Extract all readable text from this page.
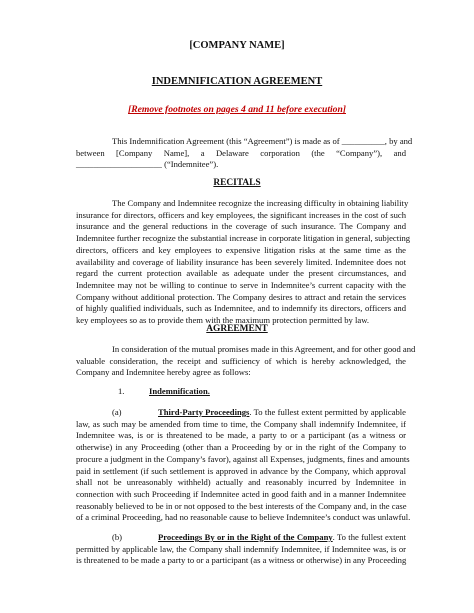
[COMPANY NAME]
INDEMNIFICATION AGREEMENT
[Remove footnotes on pages 4 and 11 before execution]
This Indemnification Agreement (this “Agreement”) is made as of __________, by and
between [Company Name], a Delaware corporation (the “Company”), and
____________________ (“Indemnitee”).
RECITALS
The Company and Indemnitee recognize the increasing difficulty in obtaining liability
insurance for directors, officers and key employees, the significant increases in the cost of such
insurance and the general reductions in the coverage of such insurance. The Company and
Indemnitee further recognize the substantial increase in corporate litigation in general, subjecting
directors, officers and key employees to expensive litigation risks at the same time as the
availability and coverage of liability insurance has been severely limited. Indemnitee does not
regard the current protection available as adequate under the present circumstances, and
Indemnitee may not be willing to continue to serve in Indemnitee’s current capacity with the
Company without additional protection. The Company desires to attract and retain the services
of highly qualified individuals, such as Indemnitee, and to indemnify its directors, officers and
key employees so as to provide them with the maximum protection permitted by law.
AGREEMENT
In consideration of the mutual promises made in this Agreement, and for other good and
valuable consideration, the receipt and sufficiency of which is hereby acknowledged, the
Company and Indemnitee hereby agree as follows:
1.	Indemnification.
(a)	Third-Party Proceedings. To the fullest extent permitted by applicable
law, as such may be amended from time to time, the Company shall indemnify Indemnitee, if
Indemnitee was, is or is threatened to be made, a party to or a participant (as a witness or
otherwise) in any Proceeding (other than a Proceeding by or in the right of the Company to
procure a judgment in the Company’s favor), against all Expenses, judgments, fines and amounts
paid in settlement (if such settlement is approved in advance by the Company, which approval
shall not be unreasonably withheld) actually and reasonably incurred by Indemnitee in
connection with such Proceeding if Indemnitee acted in good faith and in a manner Indemnitee
reasonably believed to be in or not opposed to the best interests of the Company and, in the case
of a criminal Proceeding, had no reasonable cause to believe Indemnitee’s conduct was unlawful.
(b)	Proceedings By or in the Right of the Company. To the fullest extent
permitted by applicable law, the Company shall indemnify Indemnitee, if Indemnitee was, is or
is threatened to be made a party to or a participant (as a witness or otherwise) in any Proceeding
